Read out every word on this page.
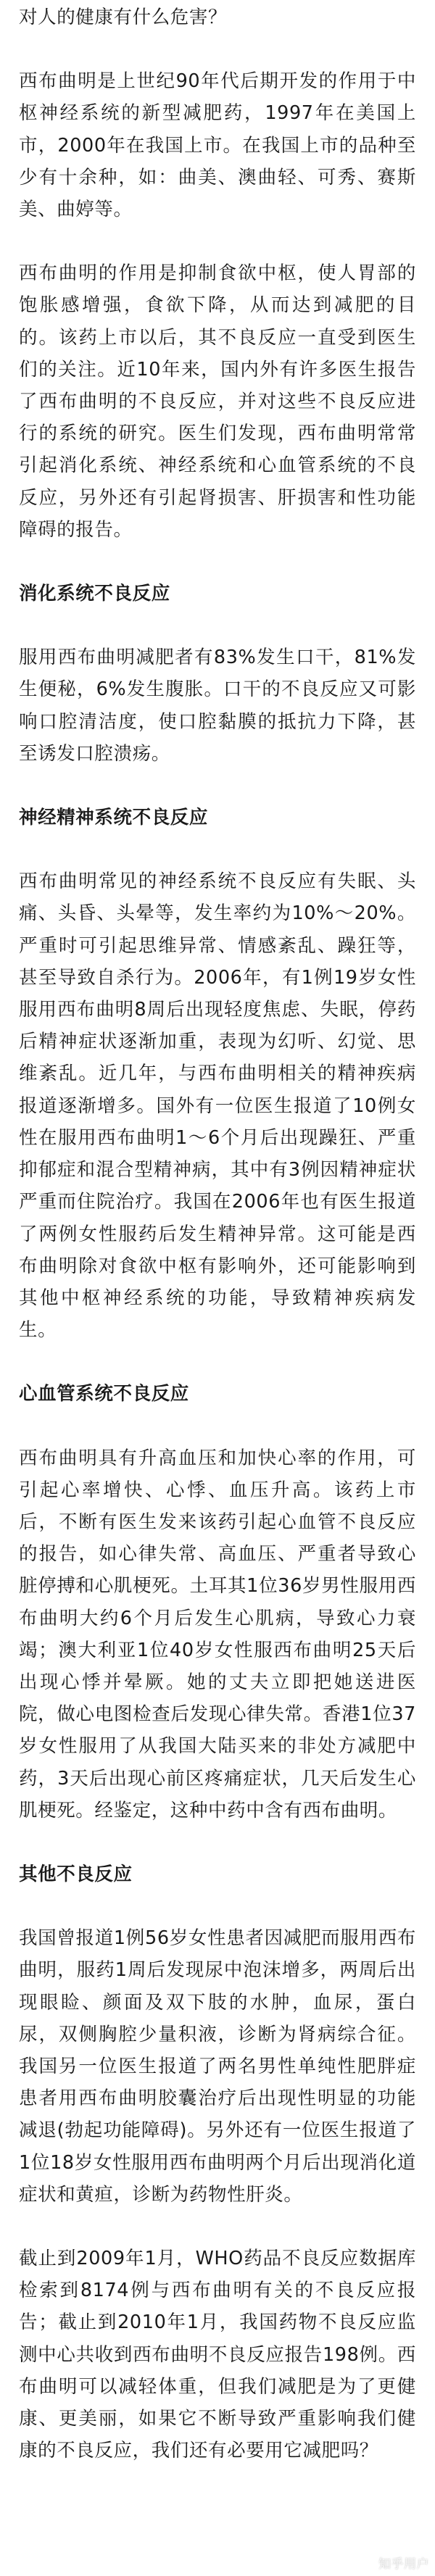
对人的健康有什么危害？

西布曲明是上世纪90年代后期开发的作用于中枢神经系统的新型减肥药，1997年在美国上市，2000年在我国上市。在我国上市的品种至少有十余种，如：曲美、澳曲轻、可秀、赛斯美、曲婷等。

西布曲明的作用是抑制食欲中枢，使人胃部的饱胀感增强，食欲下降，从而达到减肥的目的。该药上市以后，其不良反应一直受到医生们的关注。近10年来，国内外有许多医生报告了西布曲明的不良反应，并对这些不良反应进行的系统的研究。医生们发现，西布曲明常常引起消化系统、神经系统和心血管系统的不良反应，另外还有引起肾损害、肝损害和性功能障碍的报告。

消化系统不良反应

服用西布曲明减肥者有83%发生口干，81%发生便秘，6%发生腹胀。口干的不良反应又可影响口腔清洁度，使口腔黏膜的抵抗力下降，甚至诱发口腔溃疡。

神经精神系统不良反应

西布曲明常见的神经系统不良反应有失眠、头痛、头昏、头晕等，发生率约为10%～20%。严重时可引起思维异常、情感紊乱、躁狂等，甚至导致自杀行为。2006年，有1例19岁女性服用西布曲明8周后出现轻度焦虑、失眠，停药后精神症状逐渐加重，表现为幻听、幻觉、思维紊乱。近几年，与西布曲明相关的精神疾病报道逐渐增多。国外有一位医生报道了10例女性在服用西布曲明1～6个月后出现躁狂、严重抑郁症和混合型精神病，其中有3例因精神症状严重而住院治疗。我国在2006年也有医生报道了两例女性服药后发生精神异常。这可能是西布曲明除对食欲中枢有影响外，还可能影响到其他中枢神经系统的功能，导致精神疾病发生。

心血管系统不良反应

西布曲明具有升高血压和加快心率的作用，可引起心率增快、心悸、血压升高。该药上市后，不断有医生发来该药引起心血管不良反应的报告，如心律失常、高血压、严重者导致心脏停搏和心肌梗死。土耳其1位36岁男性服用西布曲明大约6个月后发生心肌病，导致心力衰竭；澳大利亚1位40岁女性服西布曲明25天后出现心悸并晕厥。她的丈夫立即把她送进医院，做心电图检查后发现心律失常。香港1位37岁女性服用了从我国大陆买来的非处方减肥中药，3天后出现心前区疼痛症状，几天后发生心肌梗死。经鉴定，这种中药中含有西布曲明。

其他不良反应

我国曾报道1例56岁女性患者因减肥而服用西布曲明，服药1周后发现尿中泡沫增多，两周后出现眼睑、颜面及双下肢的水肿，血尿，蛋白尿，双侧胸腔少量积液，诊断为肾病综合征。我国另一位医生报道了两名男性单纯性肥胖症患者用西布曲明胶囊治疗后出现性明显的功能减退(勃起功能障碍)。另外还有一位医生报道了1位18岁女性服用西布曲明两个月后出现消化道症状和黄疸，诊断为药物性肝炎。

截止到2009年1月，WHO药品不良反应数据库检索到8174例与西布曲明有关的不良反应报告；截止到2010年1月，我国药物不良反应监测中心共收到西布曲明不良反应报告198例。西布曲明可以减轻体重，但我们减肥是为了更健康、更美丽，如果它不断导致严重影响我们健康的不良反应，我们还有必要用它减肥吗？

知乎用户
